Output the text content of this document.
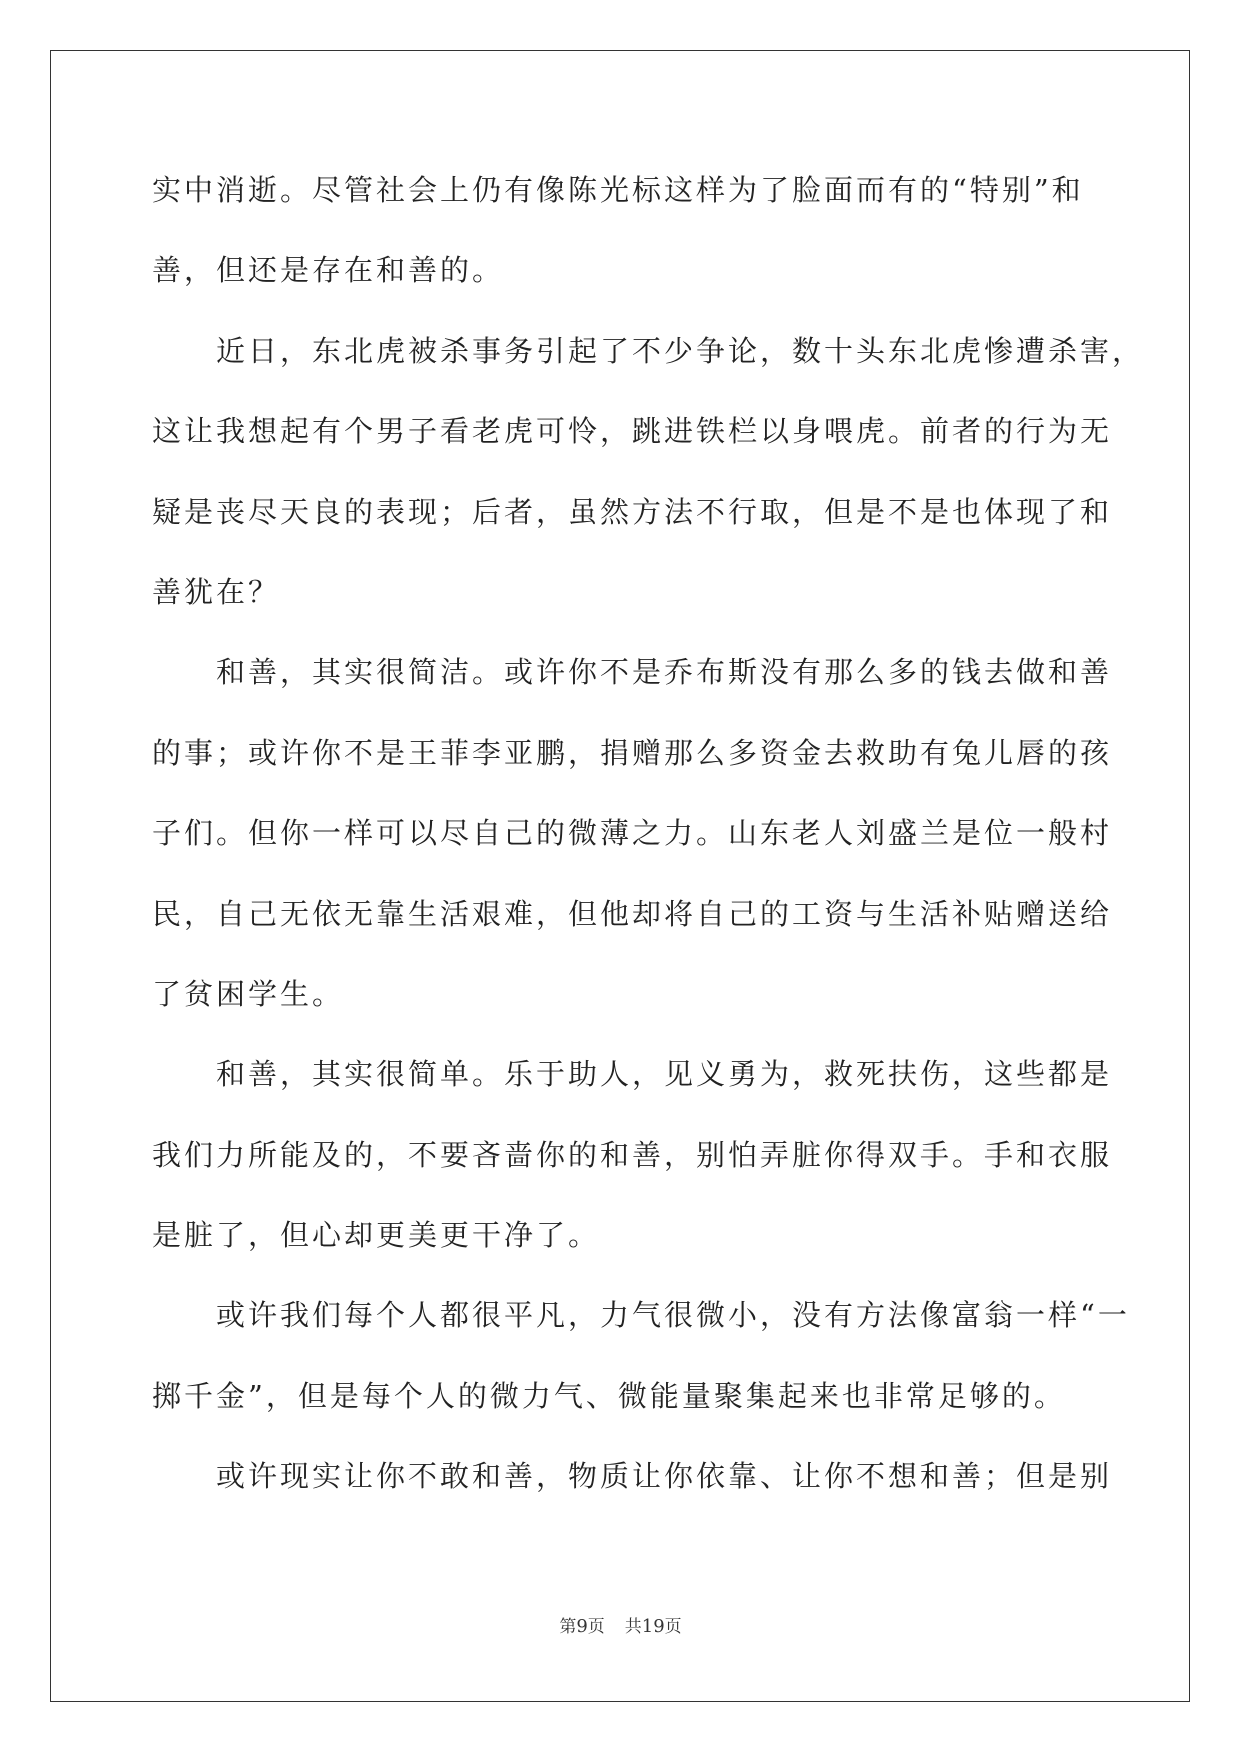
实中消逝。尽管社会上仍有像陈光标这样为了脸面而有的“特别”和
善，但还是存在和善的。
近日，东北虎被杀事务引起了不少争论，数十头东北虎惨遭杀害，
这让我想起有个男子看老虎可怜，跳进铁栏以身喂虎。前者的行为无
疑是丧尽天良的表现；后者，虽然方法不行取，但是不是也体现了和
善犹在？
和善，其实很简洁。或许你不是乔布斯没有那么多的钱去做和善
的事；或许你不是王菲李亚鹏，捐赠那么多资金去救助有兔儿唇的孩
子们。但你一样可以尽自己的微薄之力。山东老人刘盛兰是位一般村
民，自己无依无靠生活艰难，但他却将自己的工资与生活补贴赠送给
了贫困学生。
和善，其实很简单。乐于助人，见义勇为，救死扶伤，这些都是
我们力所能及的，不要吝啬你的和善，别怕弄脏你得双手。手和衣服
是脏了，但心却更美更干净了。
或许我们每个人都很平凡，力气很微小，没有方法像富翁一样“一
掷千金”，但是每个人的微力气、微能量聚集起来也非常足够的。
或许现实让你不敢和善，物质让你依靠、让你不想和善；但是别
第9页 共19页
